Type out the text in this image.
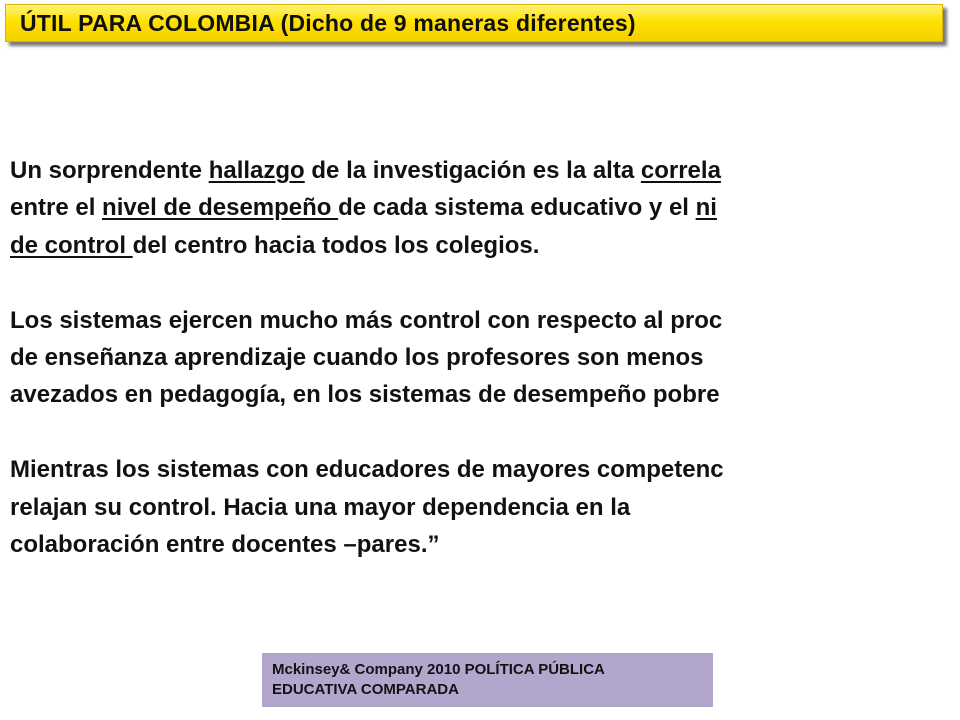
ÚTIL PARA COLOMBIA (Dicho de 9 maneras diferentes)
Un sorprendente hallazgo de la investigación es la alta correla
entre el nivel de desempeño de cada sistema educativo y el ni
de control del centro hacia todos los colegios.
Los sistemas ejercen mucho más control con respecto al proc
de enseñanza aprendizaje cuando los profesores son menos
avezados en pedagogía, en los sistemas de desempeño pobre
Mientras los sistemas con educadores de mayores competenc
relajan su control. Hacia una mayor dependencia en la
colaboración entre docentes –pares.”
Mckinsey& Company 2010 POLÍTICA PÚBLICA
EDUCATIVA COMPARADA
